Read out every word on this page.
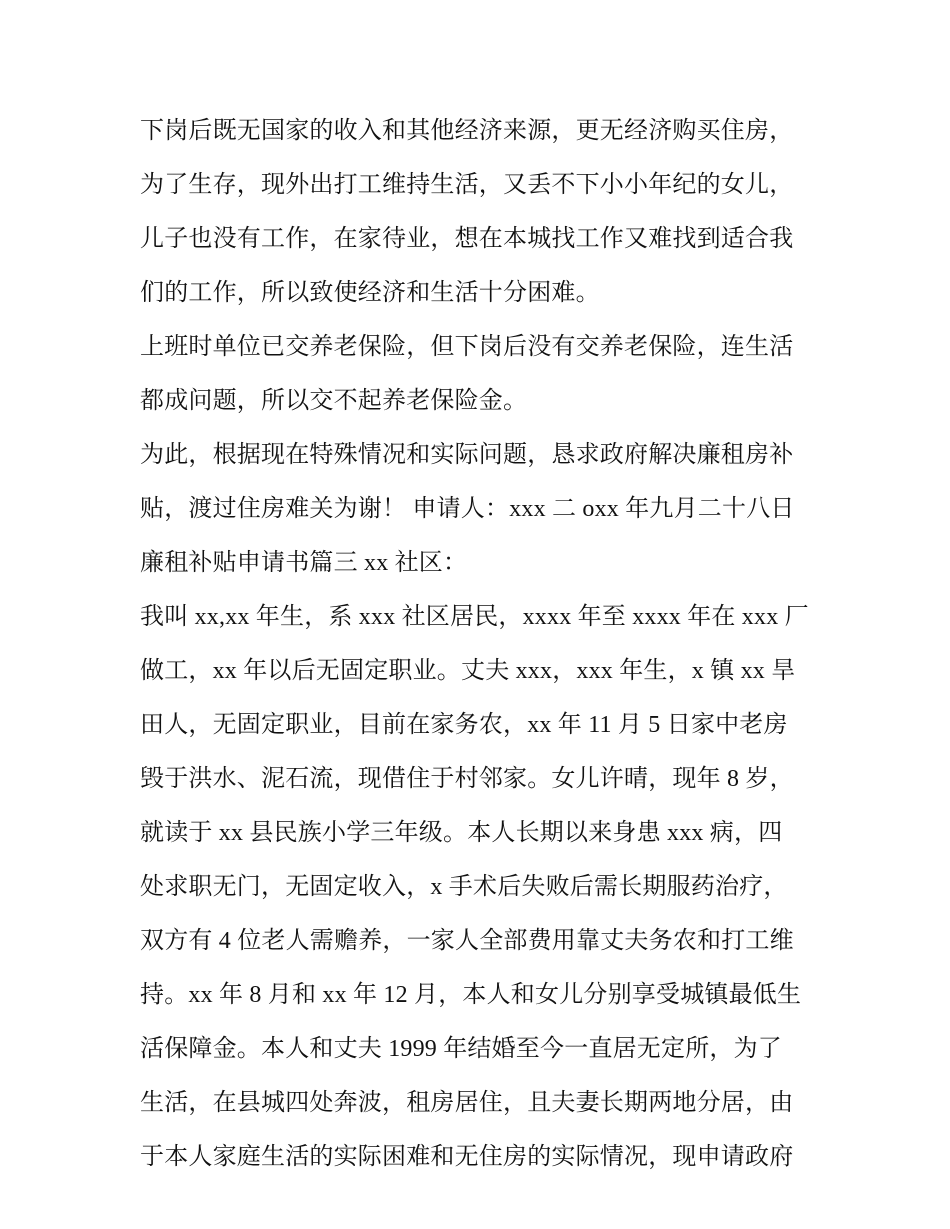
下岗后既无国家的收入和其他经济来源，更无经济购买住房，
为了生存，现外出打工维持生活，又丢不下小小年纪的女儿，
儿子也没有工作，在家待业，想在本城找工作又难找到适合我
们的工作，所以致使经济和生活十分困难。
上班时单位已交养老保险，但下岗后没有交养老保险，连生活
都成问题，所以交不起养老保险金。
为此，根据现在特殊情况和实际问题，恳求政府解决廉租房补
贴，渡过住房难关为谢！ 申请人：xxx 二 oxx 年九月二十八日
廉租补贴申请书篇三 xx 社区：
我叫 xx,xx 年生，系 xxx 社区居民，xxxx 年至 xxxx 年在 xxx 厂
做工，xx 年以后无固定职业。丈夫 xxx，xxx 年生，x 镇 xx 旱
田人，无固定职业，目前在家务农，xx 年 11 月 5 日家中老房
毁于洪水、泥石流，现借住于村邻家。女儿许晴，现年 8 岁，
就读于 xx 县民族小学三年级。本人长期以来身患 xxx 病，四
处求职无门，无固定收入，x 手术后失败后需长期服药治疗，
双方有 4 位老人需赡养，一家人全部费用靠丈夫务农和打工维
持。xx 年 8 月和 xx 年 12 月，本人和女儿分别享受城镇最低生
活保障金。本人和丈夫 1999 年结婚至今一直居无定所，为了
生活，在县城四处奔波，租房居住，且夫妻长期两地分居，由
于本人家庭生活的实际困难和无住房的实际情况，现申请政府
